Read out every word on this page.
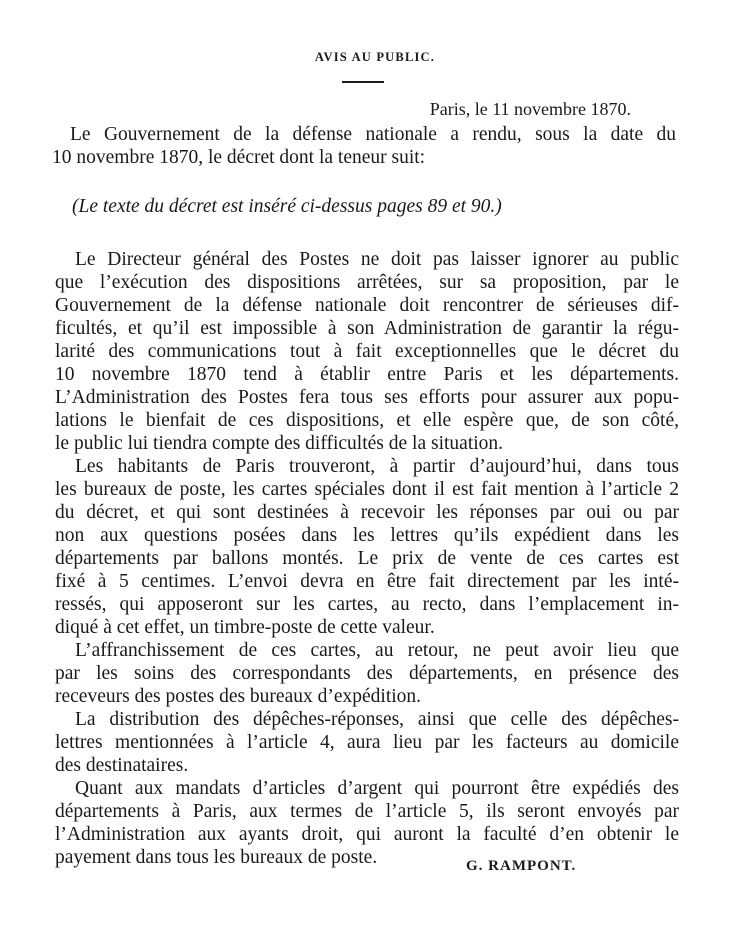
AVIS AU PUBLIC.
Paris, le 11 novembre 1870.
Le Gouvernement de la défense nationale a rendu, sous la date du
10 novembre 1870, le décret dont la teneur suit:
(Le texte du décret est inséré ci-dessus pages 89 et 90.)
Le Directeur général des Postes ne doit pas laisser ignorer au public
que l’exécution des dispositions arrêtées, sur sa proposition, par le
Gouvernement de la défense nationale doit rencontrer de sérieuses dif-
ficultés, et qu’il est impossible à son Administration de garantir la régu-
larité des communications tout à fait exceptionnelles que le décret du
10 novembre 1870 tend à établir entre Paris et les départements.
L’Administration des Postes fera tous ses efforts pour assurer aux popu-
lations le bienfait de ces dispositions, et elle espère que, de son côté,
le public lui tiendra compte des difficultés de la situation.
Les habitants de Paris trouveront, à partir d’aujourd’hui, dans tous
les bureaux de poste, les cartes spéciales dont il est fait mention à l’article 2
du décret, et qui sont destinées à recevoir les réponses par oui ou par
non aux questions posées dans les lettres qu’ils expédient dans les
départements par ballons montés. Le prix de vente de ces cartes est
fixé à 5 centimes. L’envoi devra en être fait directement par les inté-
ressés, qui apposeront sur les cartes, au recto, dans l’emplacement in-
diqué à cet effet, un timbre-poste de cette valeur.
L’affranchissement de ces cartes, au retour, ne peut avoir lieu que
par les soins des correspondants des départements, en présence des
receveurs des postes des bureaux d’expédition.
La distribution des dépêches-réponses, ainsi que celle des dépêches-
lettres mentionnées à l’article 4, aura lieu par les facteurs au domicile
des destinataires.
Quant aux mandats d’articles d’argent qui pourront être expédiés des
départements à Paris, aux termes de l’article 5, ils seront envoyés par
l’Administration aux ayants droit, qui auront la faculté d’en obtenir le
payement dans tous les bureaux de poste.	G. RAMPONT.
